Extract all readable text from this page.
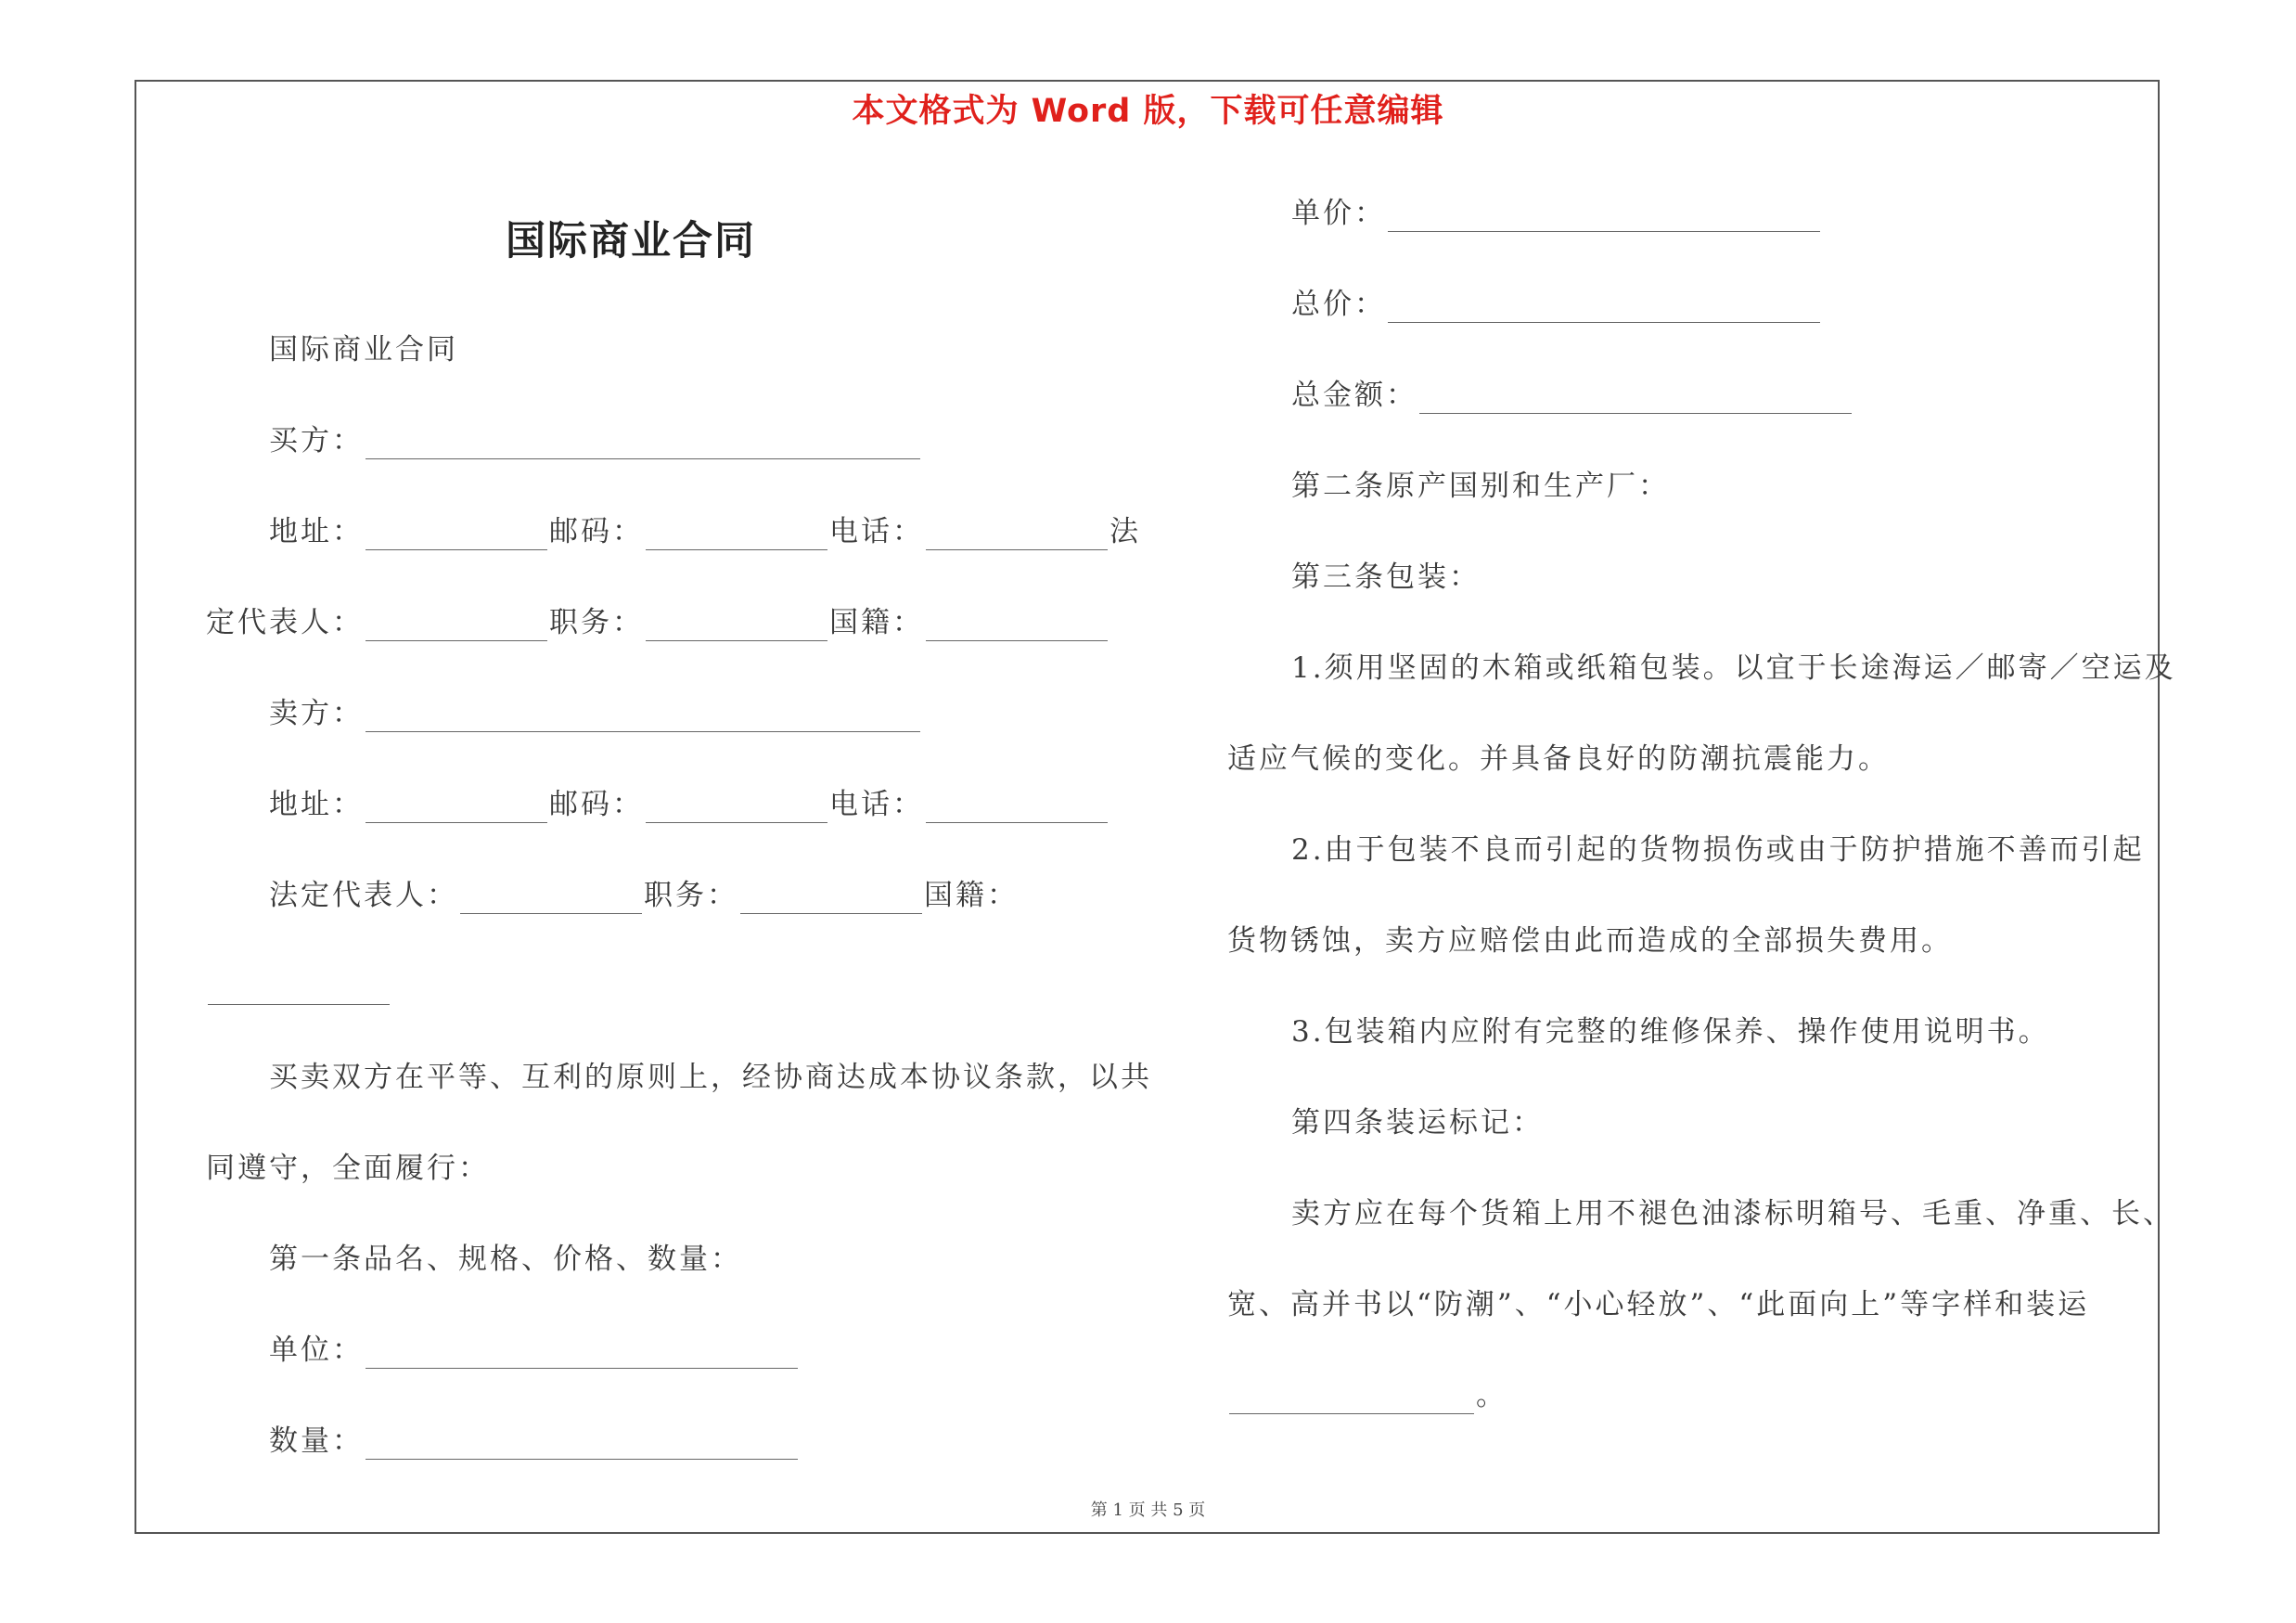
本文格式为 Word 版，下载可任意编辑
国际商业合同
国际商业合同
买方：
地址：	邮码：	电话：	法
定代表人：	职务：	国籍：
卖方：
地址：	邮码：	电话：
法定代表人：	职务：	国籍：
买卖双方在平等、互利的原则上，经协商达成本协议条款，以共
同遵守，全面履行：
第一条品名、规格、价格、数量：
单位：
数量：
单价：
总价：
总金额：
第二条原产国别和生产厂：
第三条包装：
1.须用坚固的木箱或纸箱包装。以宜于长途海运／邮寄／空运及
适应气候的变化。并具备良好的防潮抗震能力。
2.由于包装不良而引起的货物损伤或由于防护措施不善而引起
货物锈蚀，卖方应赔偿由此而造成的全部损失费用。
3.包装箱内应附有完整的维修保养、操作使用说明书。
第四条装运标记：
卖方应在每个货箱上用不褪色油漆标明箱号、毛重、净重、长、
宽、高并书以“防潮”、“小心轻放”、“此面向上”等字样和装运
。
第 1 页 共 5 页
